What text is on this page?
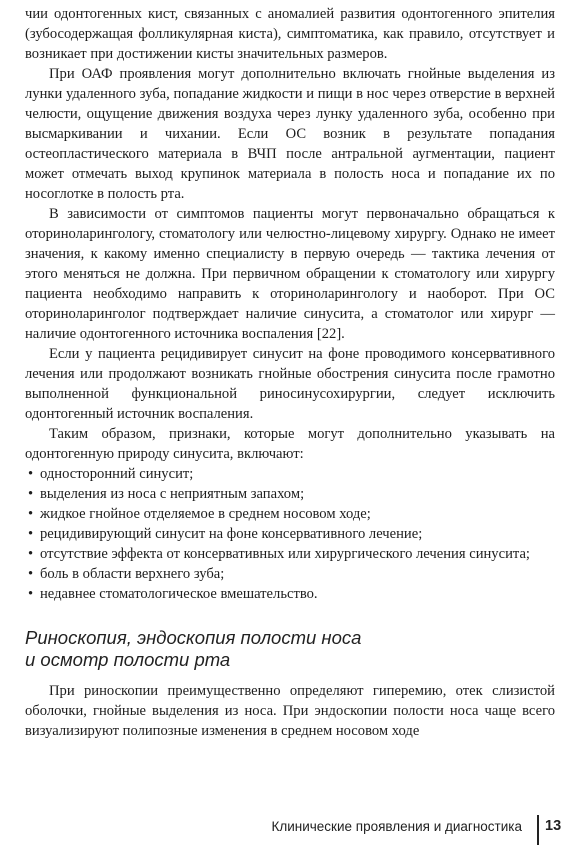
чии одонтогенных кист, связанных с аномалией развития одонтогенного эпителия (зубосодержащая фолликулярная киста), симптоматика, как правило, отсутствует и возникает при достижении кисты значительных размеров.

При ОАФ проявления могут дополнительно включать гнойные выделения из лунки удаленного зуба, попадание жидкости и пищи в нос через отверстие в верхней челюсти, ощущение движения воздуха через лунку удаленного зуба, особенно при высмаркивании и чихании. Если ОС возник в результате попадания остеопластического материала в ВЧП после антральной аугментации, пациент может отмечать выход крупинок материала в полость носа и попадание их по носоглотке в полость рта.

В зависимости от симптомов пациенты могут первоначально обращаться к оториноларингологу, стоматологу или челюстно-лицевому хирургу. Однако не имеет значения, к какому именно специалисту в первую очередь — тактика лечения от этого меняться не должна. При первичном обращении к стоматологу или хирургу пациента необходимо направить к оториноларингологу и наоборот. При ОС оториноларинголог подтверждает наличие синусита, а стоматолог или хирург — наличие одонтогенного источника воспаления [22].

Если у пациента рецидивирует синусит на фоне проводимого консервативного лечения или продолжают возникать гнойные обострения синусита после грамотно выполненной функциональной риносинусохирургии, следует исключить одонтогенный источник воспаления.

Таким образом, признаки, которые могут дополнительно указывать на одонтогенную природу синусита, включают:

• односторонний синусит;
• выделения из носа с неприятным запахом;
• жидкое гнойное отделяемое в среднем носовом ходе;
• рецидивирующий синусит на фоне консервативного лечение;
• отсутствие эффекта от консервативных или хирургического лечения синусита;
• боль в области верхнего зуба;
• недавнее стоматологическое вмешательство.
Риноскопия, эндоскопия полости носа
и осмотр полости рта

При риноскопии преимущественно определяют гиперемию, отек слизистой оболочки, гнойные выделения из носа. При эндоскопии полости носа чаще всего визуализируют полипозные изменения в среднем носовом ходе

Клинические проявления и диагностика 13
